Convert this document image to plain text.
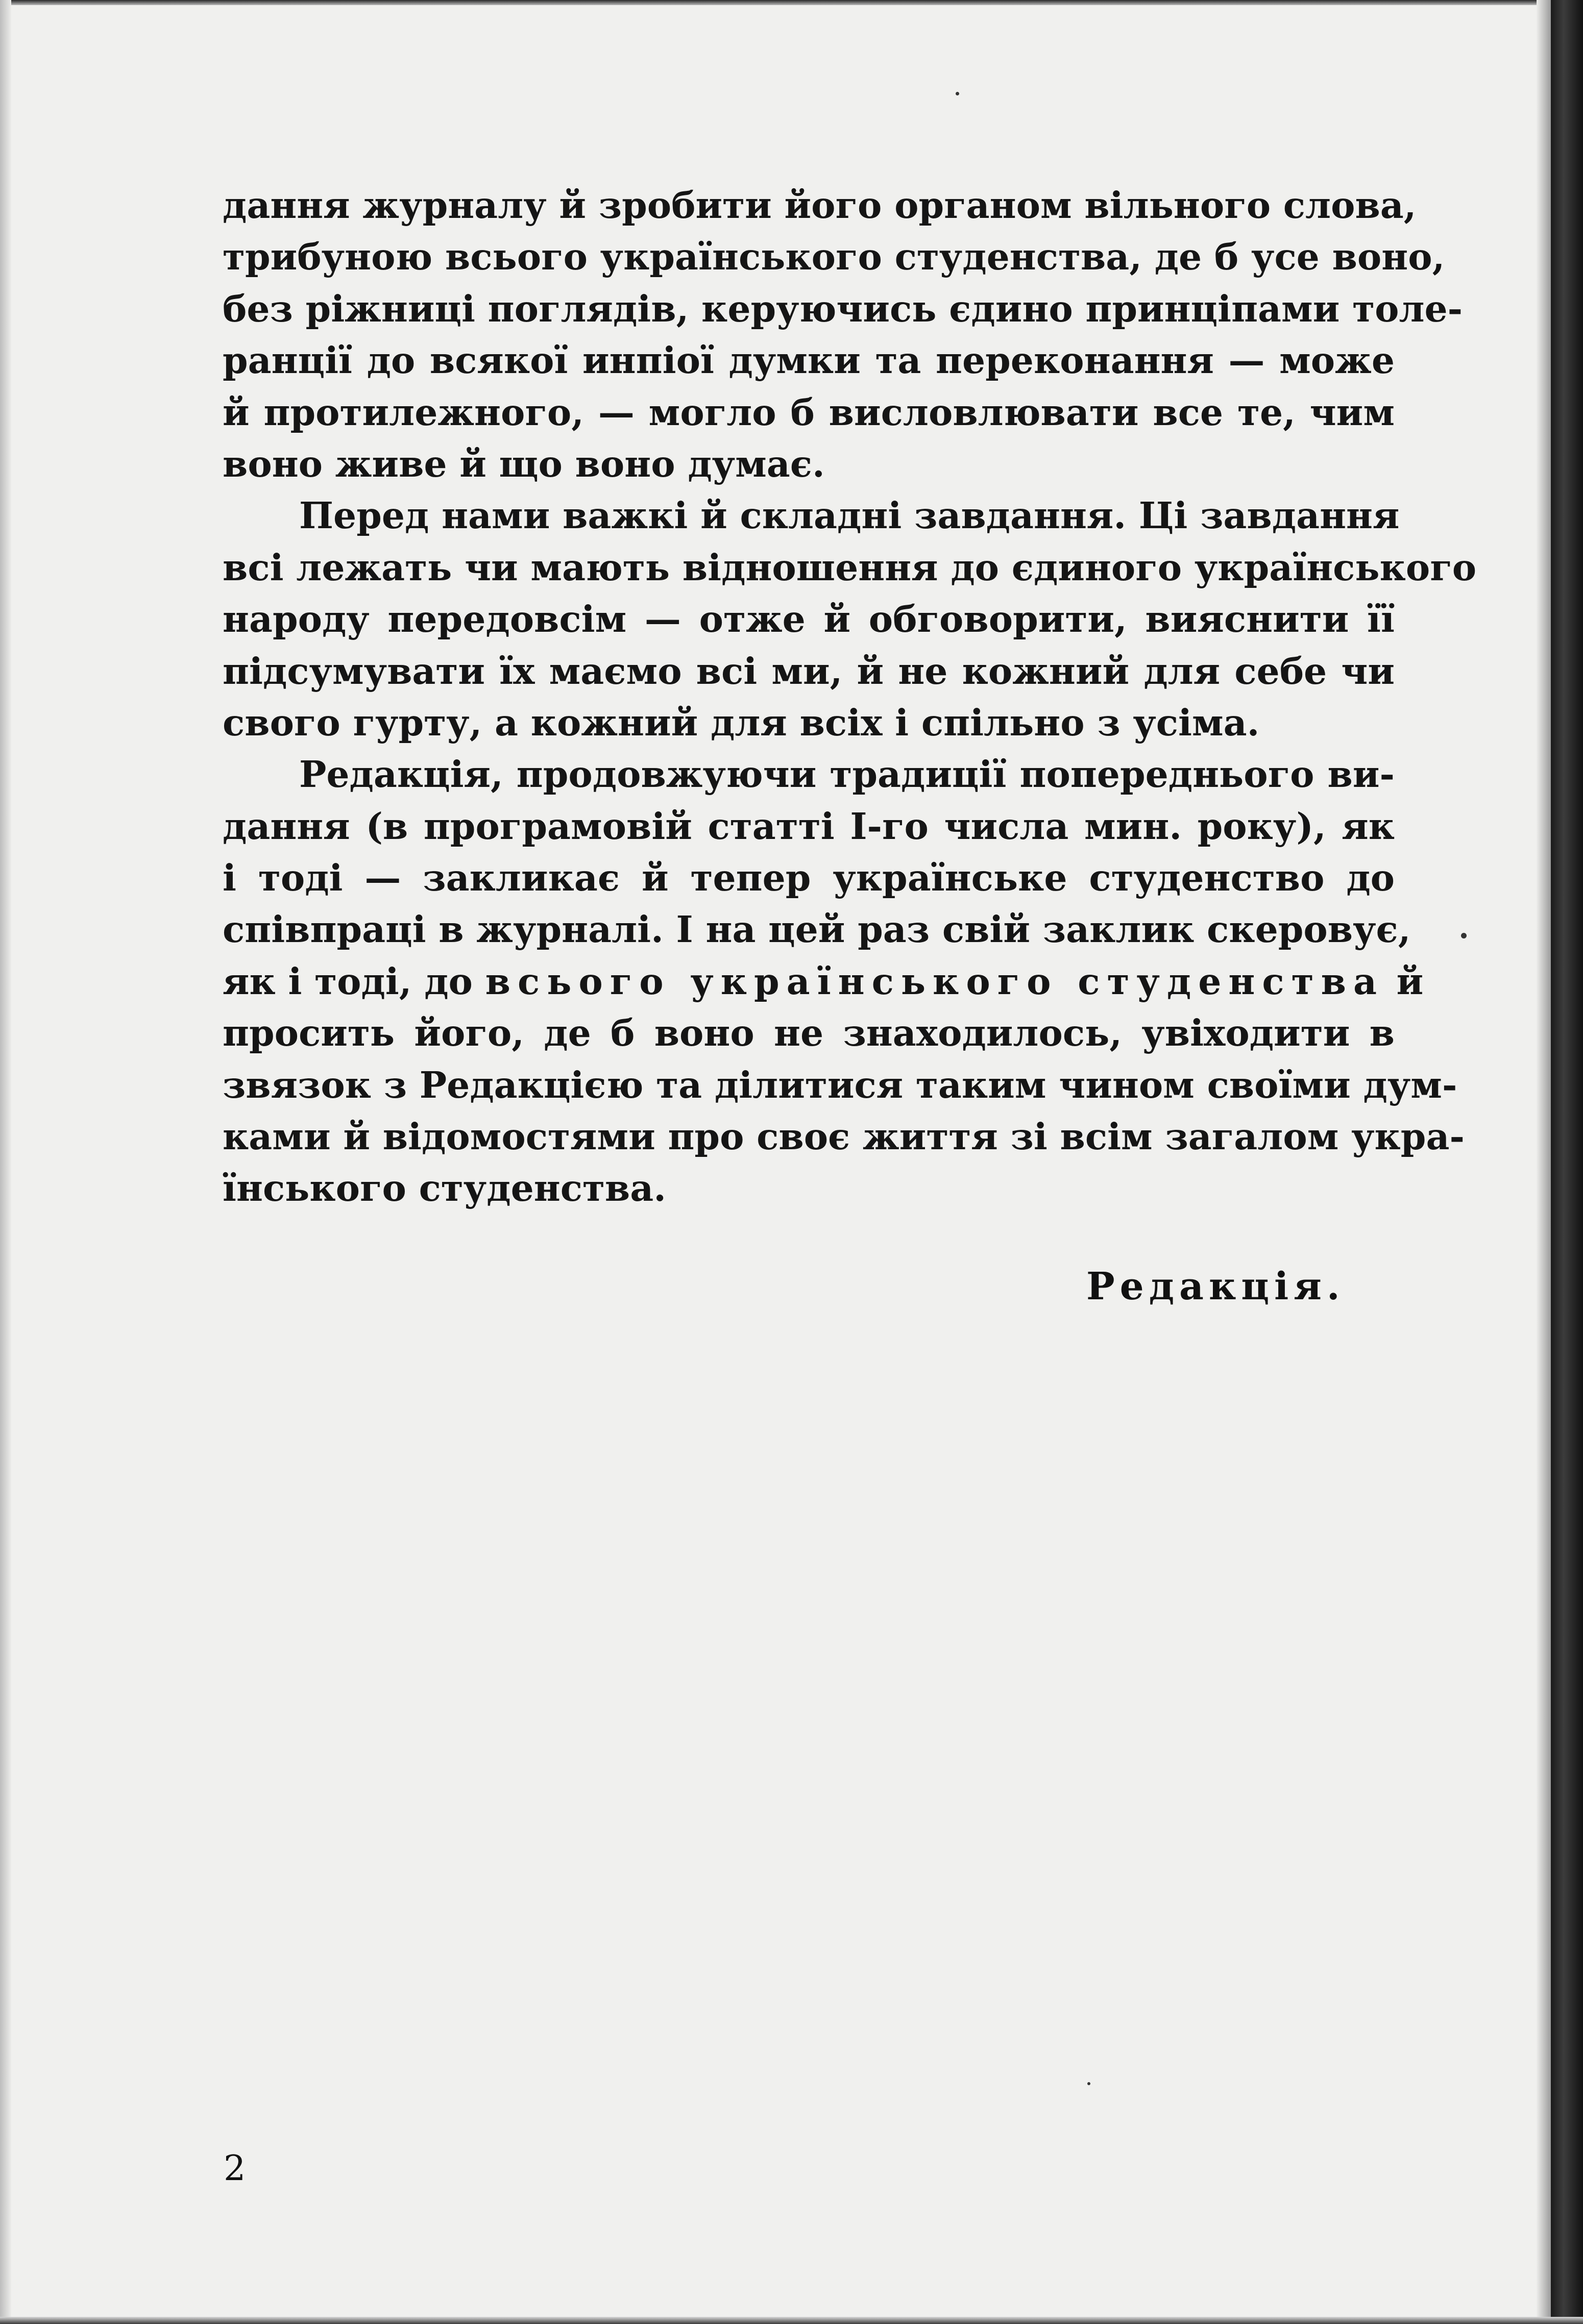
дання журналу й зробити його органом вільного слова,
трибуною всього українського студенства, де б усе воно,
без ріжниці поглядів, керуючись єдино принціпами толе-
ранції до всякої инпіої думки та переконання — може
й протилежного, — могло б висловлювати все те, чим
воно живе й що воно думає.
Перед нами важкі й складні завдання. Ці завдання
всі лежать чи мають відношення до єдиного українського
народу передовсім — отже й обговорити, вияснити її
підсумувати їх маємо всі ми, й не кожний для себе чи
свого гурту, а кожний для всіх і спільно з усіма.
Редакція, продовжуючи традиції попереднього ви-
дання (в програмовій статті I-го числа мин. року), як
і тоді — закликає й тепер українське студенство до
співпраці в журналі. І на цей раз свій заклик скеровує,
як і тоді, до всього українського студенства й
просить його, де б воно не знаходилось, увіходити в
звязок з Редакцією та ділитися таким чином своїми дум-
ками й відомостями про своє життя зі всім загалом укра-
їнського студенства.
Редакція.
2
